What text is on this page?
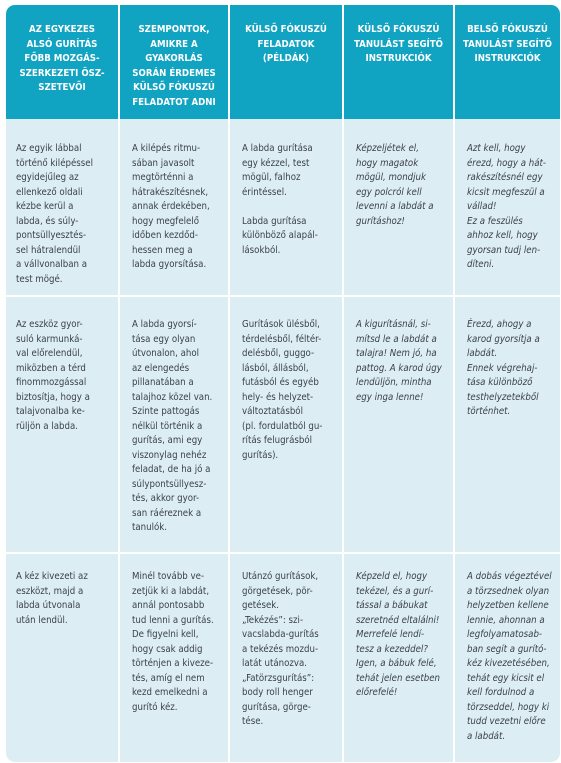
AZ EGYKEZES
ALSÓ GURÍTÁS
FŐBB MOZGÁS-
SZERKEZETI ÖSZ-
SZETEVŐI
SZEMPONTOK,
AMIKRE A
GYAKORLÁS
SORÁN ÉRDEMES
KÜLSŐ FÓKUSZÚ
FELADATOT ADNI
KÜLSŐ FÓKUSZÚ
FELADATOK
(PÉLDÁK)
KÜLSŐ FÓKUSZÚ
TANULÁST SEGÍTŐ
INSTRUKCIÓK
BELSŐ FÓKUSZÚ
TANULÁST SEGÍTŐ
INSTRUKCIÓK
Az egyik lábbal
történő kilépéssel
egyidejűleg az
ellenkező oldali
kézbe kerül a
labda, és súly-
pontsüllyesztés-
sel hátralendül
a vállvonalban a
test mögé.
A kilépés ritmu-
sában javasolt
megtörténni a
hátrakészítésnek,
annak érdekében,
hogy megfelelő
időben kezdőd-
hessen meg a
labda gyorsítása.
A labda gurítása
egy kézzel, test
mögül, falhoz
érintéssel.

Labda gurítása
különböző alapál-
lásokból.
Képzeljétek el,
hogy magatok
mögül, mondjuk
egy polcról kell
levenni a labdát a
gurításhoz!
Azt kell, hogy
érezd, hogy a hát-
rakészítésnél egy
kicsit megfeszül a
vállad!
Ez a feszülés
ahhoz kell, hogy
gyorsan tudj len-
díteni.
Az eszköz gyor-
suló karmunká-
val előrelendül,
miközben a térd
finommozgással
biztosítja, hogy a
talajvonalba ke-
rüljön a labda.
A labda gyorsí-
tása egy olyan
útvonalon, ahol
az elengedés
pillanatában a
talajhoz közel van.
Szinte pattogás
nélkül történik a
gurítás, ami egy
viszonylag nehéz
feladat, de ha jó a
súlypontsüllyesz-
tés, akkor gyor-
san ráéreznek a
tanulók.
Gurítások ülésből,
térdelésből, féltér-
delésből, guggo-
lásból, állásból,
futásból és egyéb
hely- és helyzet-
változtatásból
(pl. fordulatból gu-
rítás felugrásból
gurítás).
A kigurításnál, si-
mítsd le a labdát a
talajra! Nem jó, ha
pattog. A karod úgy
lendüljön, mintha
egy inga lenne!
Érezd, ahogy a
karod gyorsítja a
labdát.
Ennek végrehaj-
tása különböző
testhelyzetekből
történhet.
A kéz kivezeti az
eszközt, majd a
labda útvonala
után lendül.
Minél tovább ve-
zetjük ki a labdát,
annál pontosabb
tud lenni a gurítás.
De figyelni kell,
hogy csak addig
történjen a kiveze-
tés, amíg el nem
kezd emelkedni a
gurító kéz.
Utánzó gurítások,
görgetések, pör-
getések.
„Tekézés”: szi-
vacslabda-gurítás
a tekézés mozdu-
latát utánozva.
„Fatörzsgurítás”:
body roll henger
gurítása, görge-
tése.
Képzeld el, hogy
tekézel, és a gurí-
tással a bábukat
szeretnéd eltalálni!
Merrefelé lendí-
tesz a kezeddel?
Igen, a bábuk felé,
tehát jelen esetben
előrefelé!
A dobás végeztével
a törzsednek olyan
helyzetben kellene
lennie, ahonnan a
legfolyamatosab-
ban segít a gurító-
kéz kivezetésében,
tehát egy kicsit el
kell fordulnod a
törzseddel, hogy ki
tudd vezetni előre
a labdát.
